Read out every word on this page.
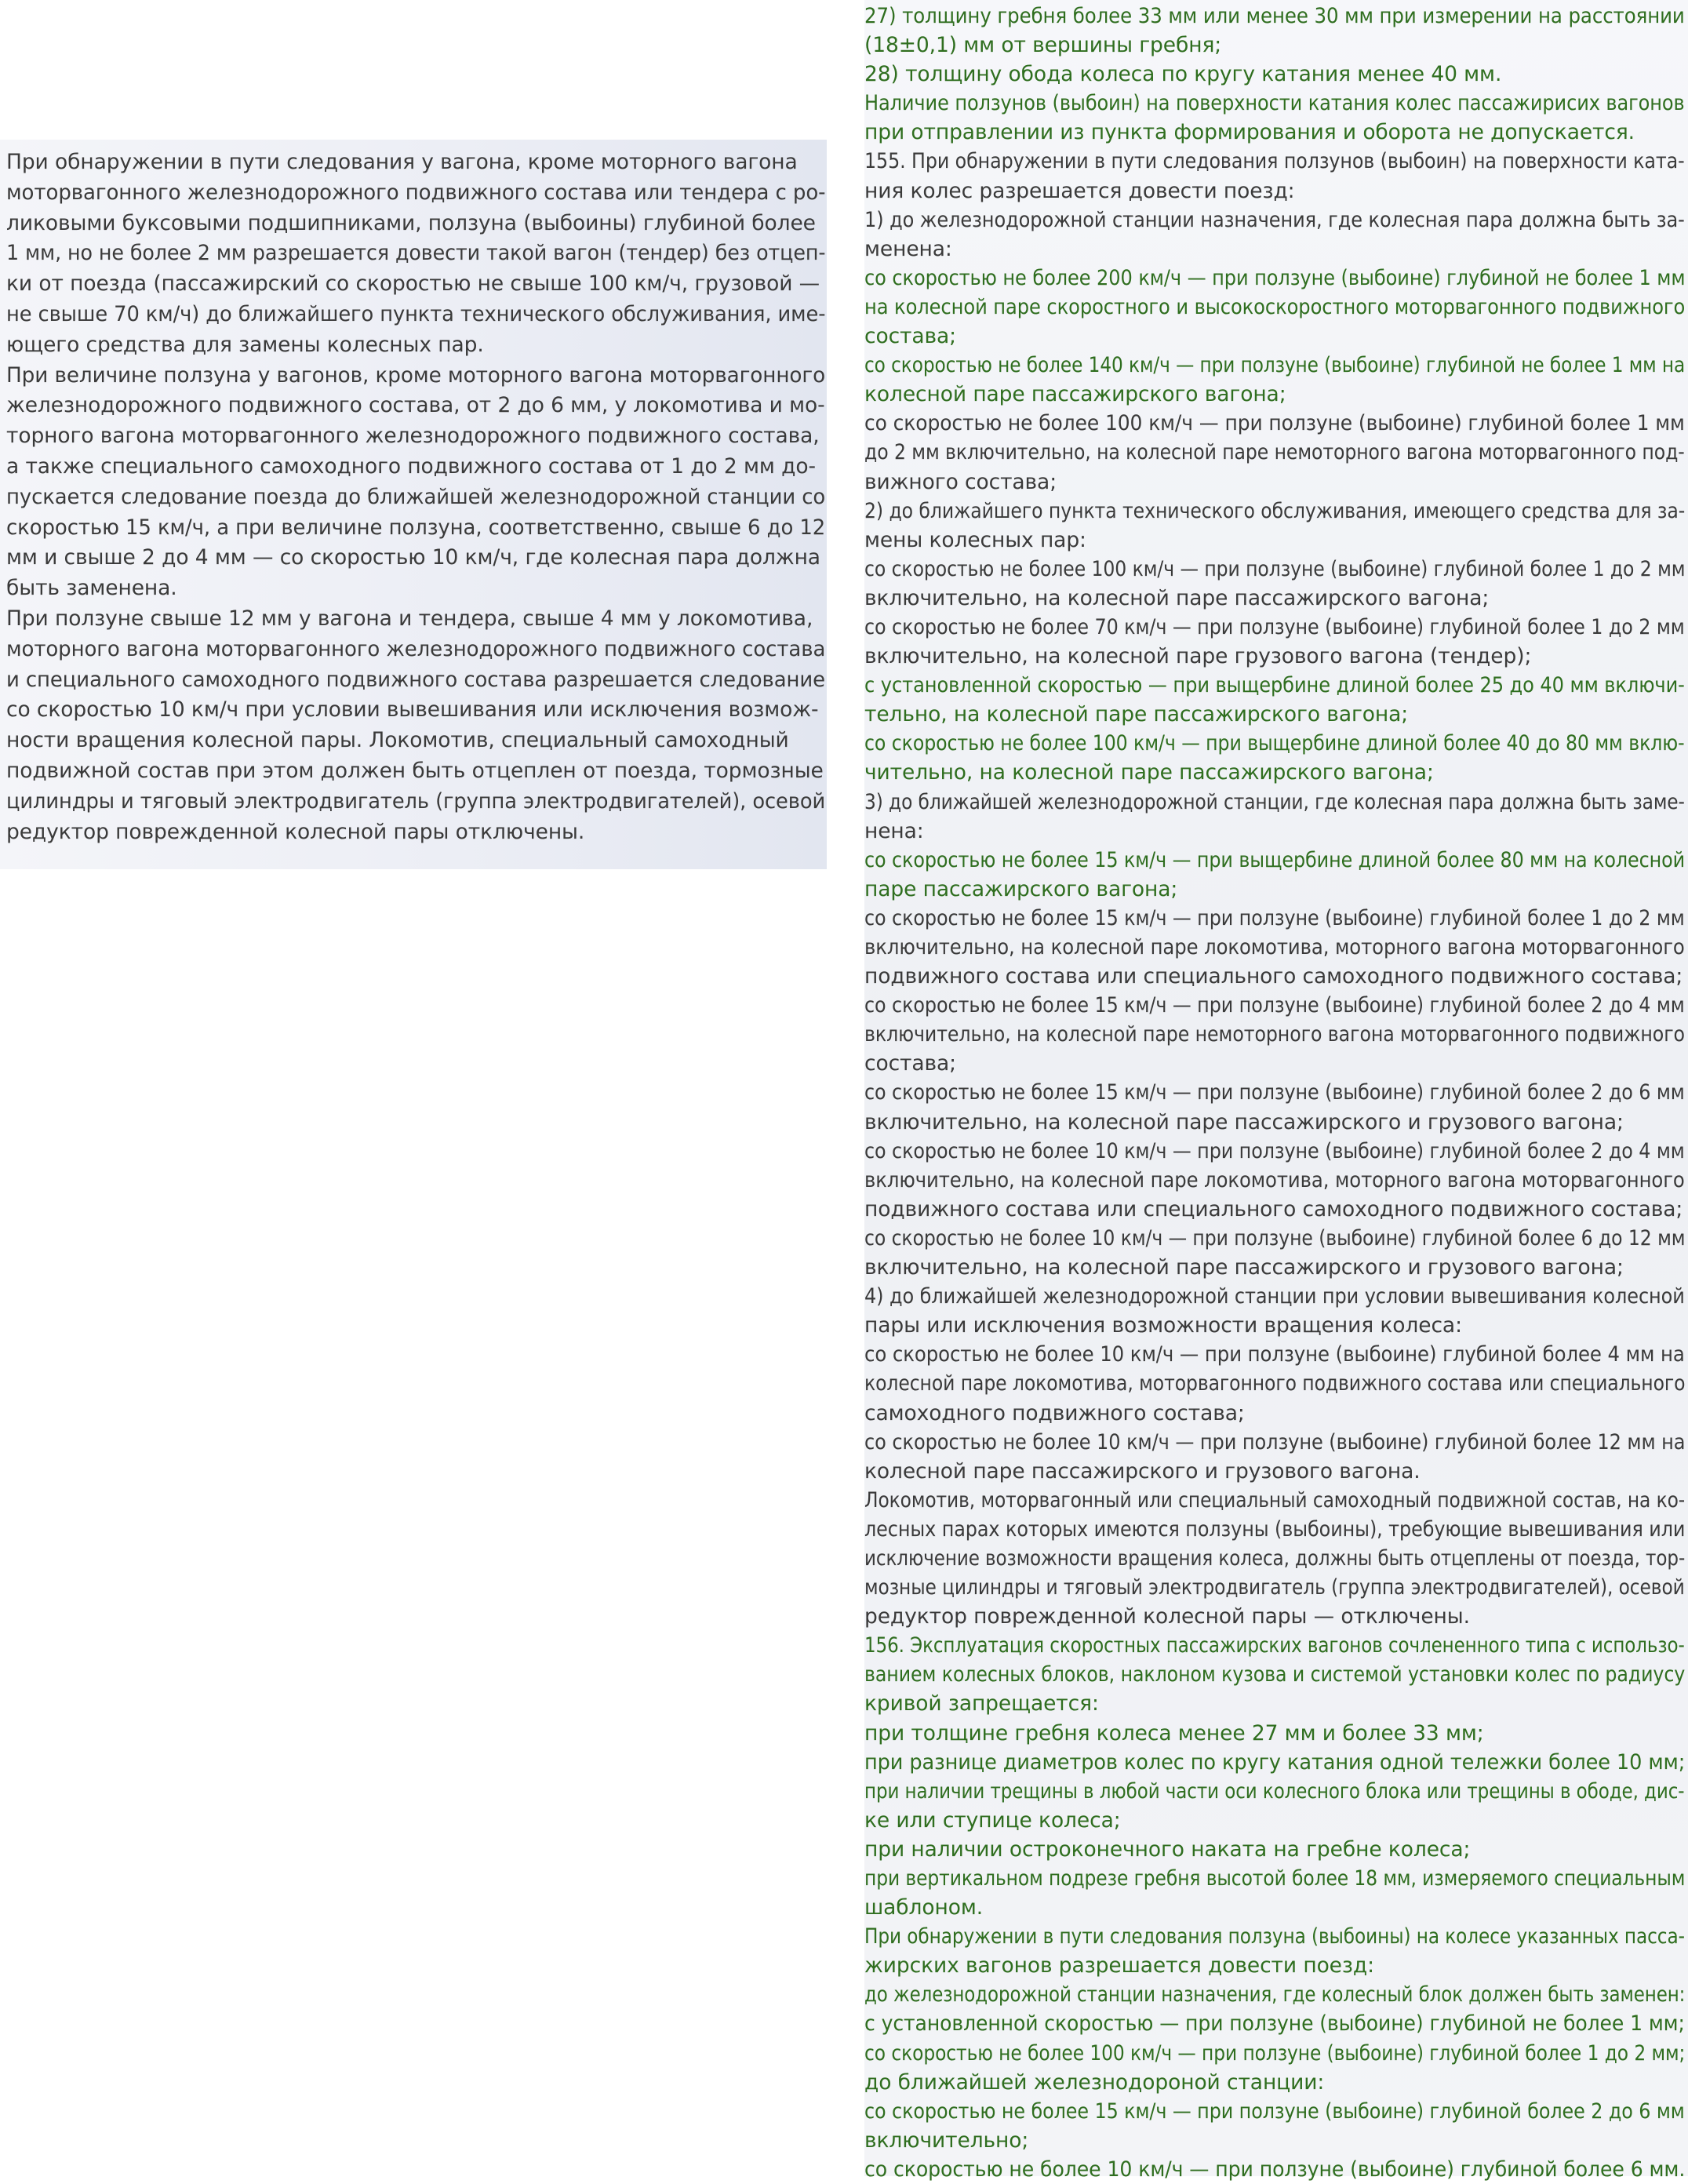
При обнаружении в пути следования у вагона, кроме моторного вагона

моторвагонного железнодорожного подвижного состава или тендера с ро-

ликовыми буксовыми подшипниками, ползуна (выбоины) глубиной более

1 мм, но не более 2 мм разрешается довести такой вагон (тендер) без отцеп-

ки от поезда (пассажирский со скоростью не свыше 100 км/ч, грузовой —

не свыше 70 км/ч) до ближайшего пункта технического обслуживания, име-

ющего средства для замены колесных пар.

При величине ползуна у вагонов, кроме моторного вагона моторвагонного

железнодорожного подвижного состава, от 2 до 6 мм, у локомотива и мо-

торного вагона моторвагонного железнодорожного подвижного состава,

а также специального самоходного подвижного состава от 1 до 2 мм до-

пускается следование поезда до ближайшей железнодорожной станции со

скоростью 15 км/ч, а при величине ползуна, соответственно, свыше 6 до 12

мм и свыше 2 до 4 мм — со скоростью 10 км/ч, где колесная пара должна

быть заменена.

При ползуне свыше 12 мм у вагона и тендера, свыше 4 мм у локомотива,

моторного вагона моторвагонного железнодорожного подвижного состава

и специального самоходного подвижного состава разрешается следование

со скоростью 10 км/ч при условии вывешивания или исключения возмож-

ности вращения колесной пары. Локомотив, специальный самоходный

подвижной состав при этом должен быть отцеплен от поезда, тормозные

цилиндры и тяговый электродвигатель (группа электродвигателей), осевой

редуктор поврежденной колесной пары отключены.

27) толщину гребня более 33 мм или менее 30 мм при измерении на расстоянии

(18±0,1) мм от вершины гребня;

28) толщину обода колеса по кругу катания менее 40 мм.

Наличие ползунов (выбоин) на поверхности катания колес пассажирисих вагонов

при отправлении из пункта формирования и оборота не допускается.

155. При обнаружении в пути следования ползунов (выбоин) на поверхности ката-

ния колес разрешается довести поезд:

1) до железнодорожной станции назначения, где колесная пара должна быть за-

менена:

со скоростью не более 200 км/ч — при ползуне (выбоине) глубиной не более 1 мм

на колесной паре скоростного и высокоскоростного моторвагонного подвижного

состава;

со скоростью не более 140 км/ч — при ползуне (выбоине) глубиной не более 1 мм на

колесной паре пассажирского вагона;

со скоростью не более 100 км/ч — при ползуне (выбоине) глубиной более 1 мм

до 2 мм включительно, на колесной паре немоторного вагона моторвагонного под-

вижного состава;

2) до ближайшего пункта технического обслуживания, имеющего средства для за-

мены колесных пар:

со скоростью не более 100 км/ч — при ползуне (выбоине) глубиной более 1 до 2 мм

включительно, на колесной паре пассажирского вагона;

со скоростью не более 70 км/ч — при ползуне (выбоине) глубиной более 1 до 2 мм

включительно, на колесной паре грузового вагона (тендер);

с установленной скоростью — при выщербине длиной более 25 до 40 мм включи-

тельно, на колесной паре пассажирского вагона;

со скоростью не более 100 км/ч — при выщербине длиной более 40 до 80 мм вклю-

чительно, на колесной паре пассажирского вагона;

3) до ближайшей железнодорожной станции, где колесная пара должна быть заме-

нена:

со скоростью не более 15 км/ч — при выщербине длиной более 80 мм на колесной

паре пассажирского вагона;

со скоростью не более 15 км/ч — при ползуне (выбоине) глубиной более 1 до 2 мм

включительно, на колесной паре локомотива, моторного вагона моторвагонного

подвижного состава или специального самоходного подвижного состава;

со скоростью не более 15 км/ч — при ползуне (выбоине) глубиной более 2 до 4 мм

включительно, на колесной паре немоторного вагона моторвагонного подвижного

состава;

со скоростью не более 15 км/ч — при ползуне (выбоине) глубиной более 2 до 6 мм

включительно, на колесной паре пассажирского и грузового вагона;

со скоростью не более 10 км/ч — при ползуне (выбоине) глубиной более 2 до 4 мм

включительно, на колесной паре локомотива, моторного вагона моторвагонного

подвижного состава или специального самоходного подвижного состава;

со скоростью не более 10 км/ч — при ползуне (выбоине) глубиной более 6 до 12 мм

включительно, на колесной паре пассажирского и грузового вагона;

4) до ближайшей железнодорожной станции при условии вывешивания колесной

пары или исключения возможности вращения колеса:

со скоростью не более 10 км/ч — при ползуне (выбоине) глубиной более 4 мм на

колесной паре локомотива, моторвагонного подвижного состава или специального

самоходного подвижного состава;

со скоростью не более 10 км/ч — при ползуне (выбоине) глубиной более 12 мм на

колесной паре пассажирского и грузового вагона.

Локомотив, моторвагонный или специальный самоходный подвижной состав, на ко-

лесных парах которых имеются ползуны (выбоины), требующие вывешивания или

исключение возможности вращения колеса, должны быть отцеплены от поезда, тор-

мозные цилиндры и тяговый электродвигатель (группа электродвигателей), осевой

редуктор поврежденной колесной пары — отключены.

156. Эксплуатация скоростных пассажирских вагонов сочлененного типа с использо-

ванием колесных блоков, наклоном кузова и системой установки колес по радиусу

кривой запрещается:

при толщине гребня колеса менее 27 мм и более 33 мм;

при разнице диаметров колес по кругу катания одной тележки более 10 мм;

при наличии трещины в любой части оси колесного блока или трещины в ободе, дис-

ке или ступице колеса;

при наличии остроконечного наката на гребне колеса;

при вертикальном подрезе гребня высотой более 18 мм, измеряемого специальным

шаблоном.

При обнаружении в пути следования ползуна (выбоины) на колесе указанных пасса-

жирских вагонов разрешается довести поезд:

до железнодорожной станции назначения, где колесный блок должен быть заменен:

с установленной скоростью — при ползуне (выбоине) глубиной не более 1 мм;

со скоростью не более 100 км/ч — при ползуне (выбоине) глубиной более 1 до 2 мм;

до ближайшей железнодороной станции:

со скоростью не более 15 км/ч — при ползуне (выбоине) глубиной более 2 до 6 мм

включительно;

со скоростью не более 10 км/ч — при ползуне (выбоине) глубиной более 6 мм.
